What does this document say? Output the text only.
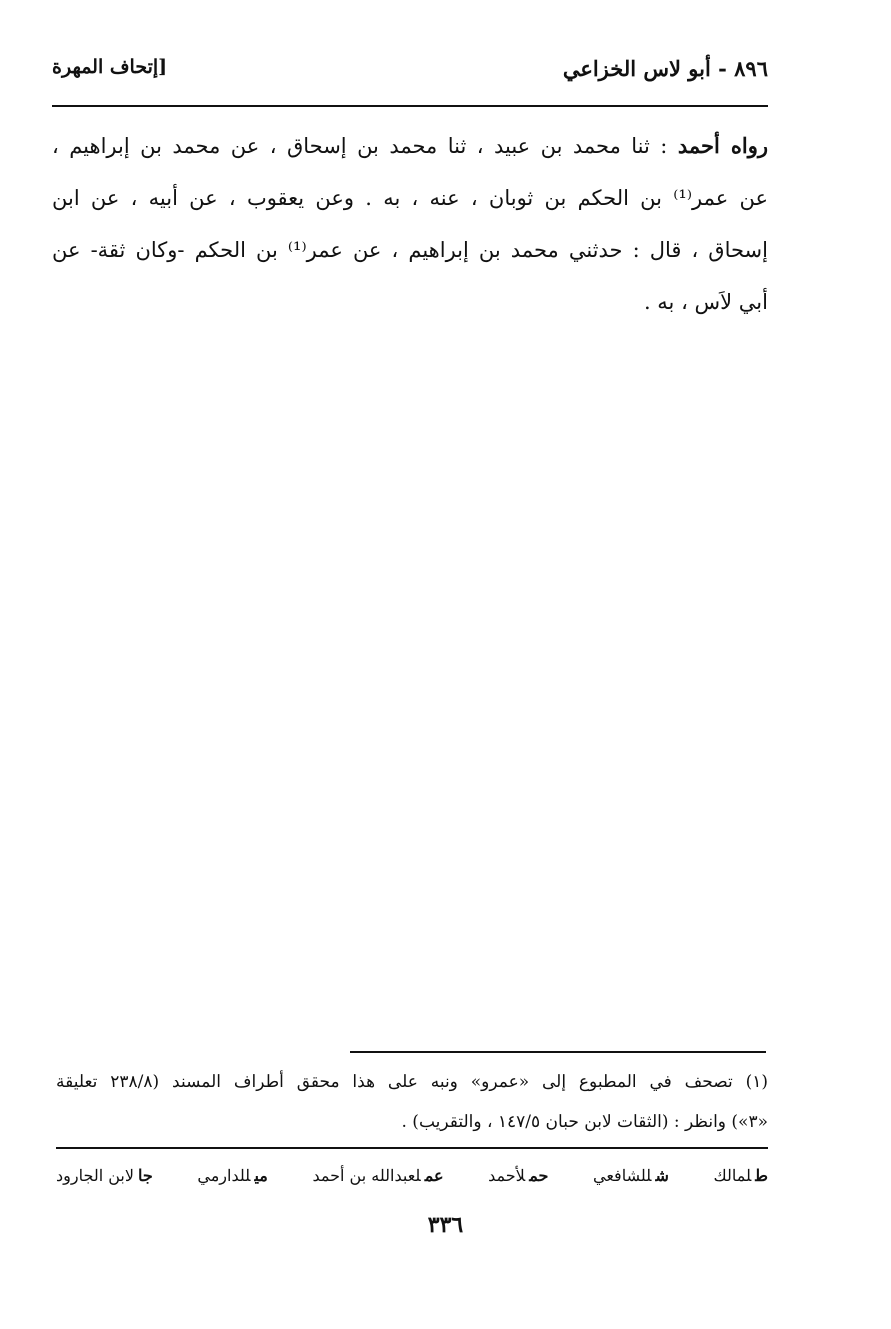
٨٩٦ - أبو لاس الخزاعي
[إتحاف المهرة
رواه أحمد : ثنا محمد بن عبيد ، ثنا محمد بن إسحاق ، عن محمد بن إبراهيم ،
عن عمر⁽¹⁾ بن الحكم بن ثوبان ، عنه ، به . وعن يعقوب ، عن أبيه ، عن ابن
إسحاق ، قال : حدثني محمد بن إبراهيم ، عن عمر⁽¹⁾ بن الحكم -وكان ثقة- عن
أبي لاَس ، به .
(١) تصحف في المطبوع إلى «عمرو» ونبه على هذا محقق أطراف المسند (٢٣٨/٨ تعليقة
«٣») وانظر : (الثقات لابن حبان ١٤٧/٥ ، والتقريب) .
طلمالك
شللشافعي
حملأحمد
عملعبدالله بن أحمد
ميللدارمي
جالابن الجارود
٣٣٦
